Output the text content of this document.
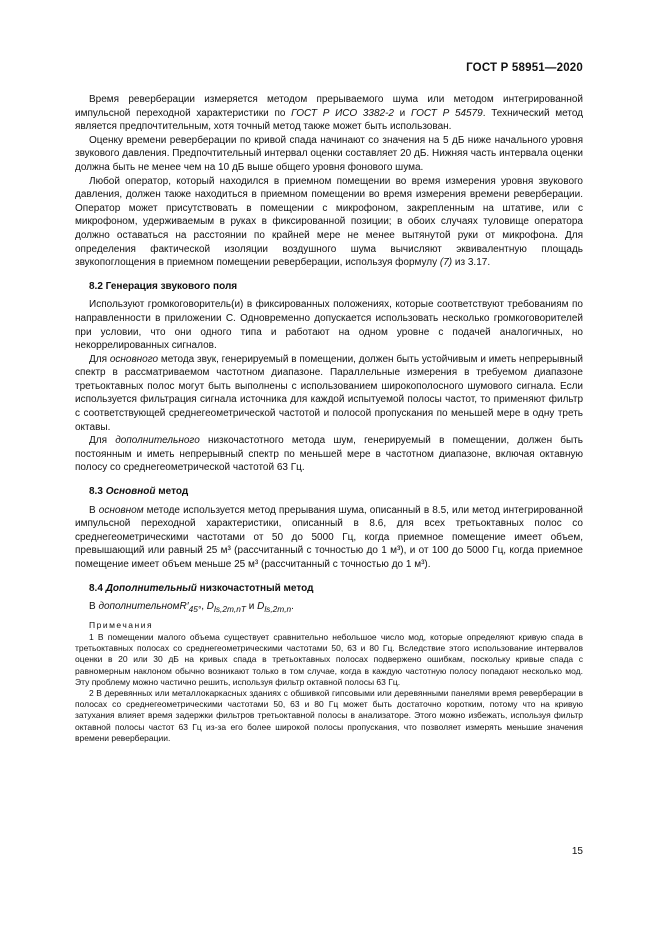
ГОСТ Р 58951—2020

Время реверберации измеряется методом прерываемого шума или методом интегрированной импульсной переходной характеристики по ГОСТ Р ИСО 3382-2 и ГОСТ Р 54579. Технический метод является предпочтительным, хотя точный метод также может быть использован.

Оценку времени реверберации по кривой спада начинают со значения на 5 дБ ниже начального уровня звукового давления. Предпочтительный интервал оценки составляет 20 дБ. Нижняя часть интервала оценки должна быть не менее чем на 10 дБ выше общего уровня фонового шума.

Любой оператор, который находился в приемном помещении во время измерения уровня звукового давления, должен также находиться в приемном помещении во время измерения времени реверберации. Оператор может присутствовать в помещении с микрофоном, закрепленным на штативе, или с микрофоном, удерживаемым в руках в фиксированной позиции; в обоих случаях туловище оператора должно оставаться на расстоянии по крайней мере не менее вытянутой руки от микрофона. Для определения фактической изоляции воздушного шума вычисляют эквивалентную площадь звукопоглощения в приемном помещении реверберации, используя формулу (7) из 3.17.

8.2 Генерация звукового поля

Используют громкоговоритель(и) в фиксированных положениях, которые соответствуют требованиям по направленности в приложении С. Одновременно допускается использовать несколько громкоговорителей при условии, что они одного типа и работают на одном уровне с подачей аналогичных, но некоррелированных сигналов.

Для основного метода звук, генерируемый в помещении, должен быть устойчивым и иметь непрерывный спектр в рассматриваемом частотном диапазоне. Параллельные измерения в требуемом диапазоне третьоктавных полос могут быть выполнены с использованием широкополосного шумового сигнала. Если используется фильтрация сигнала источника для каждой испытуемой полосы частот, то применяют фильтр с соответствующей среднегеометрической частотой и полосой пропускания по меньшей мере в одну треть октавы.

Для дополнительного низкочастотного метода шум, генерируемый в помещении, должен быть постоянным и иметь непрерывный спектр по меньшей мере в частотном диапазоне, включая октавную полосу со среднегеометрической частотой 63 Гц.

8.3 Основной метод

В основном методе используется метод прерывания шума, описанный в 8.5, или метод интегрированной импульсной переходной характеристики, описанный в 8.6, для всех третьоктавных полос со среднегеометрическими частотами от 50 до 5000 Гц, когда приемное помещение имеет объем, превышающий или равный 25 м³ (рассчитанный с точностью до 1 м³), и от 100 до 5000 Гц, когда приемное помещение имеет объем меньше 25 м³ (рассчитанный с точностью до 1 м³).

8.4 Дополнительный низкочастотный метод

В $дополнительномR'_{45^\circ}$, $D_{ls,2m,nT}$ и $D_{ls,2m,n}$.

Примечания

1 В помещении малого объема существует сравнительно небольшое число мод, которые определяют кривую спада в третьоктавных полосах со среднегеометрическими частотами 50, 63 и 80 Гц. Вследствие этого использование интервалов оценки в 20 или 30 дБ на кривых спада в третьоктавных полосах подвержено ошибкам, поскольку кривые спада с равномерным наклоном обычно возникают только в том случае, когда в каждую частотную полосу попадают несколько мод. Эту проблему можно частично решить, используя фильтр октавной полосы 63 Гц.

2 В деревянных или металлокаркасных зданиях с обшивкой гипсовыми или деревянными панелями время реверберации в полосах со среднегеометрическими частотами 50, 63 и 80 Гц может быть достаточно коротким, потому что на кривую затухания влияет время задержки фильтров третьоктавной полосы в анализаторе. Этого можно избежать, используя фильтр октавной полосы частот 63 Гц из-за его более широкой полосы пропускания, что позволяет измерять меньшие значения времени реверберации.

15
